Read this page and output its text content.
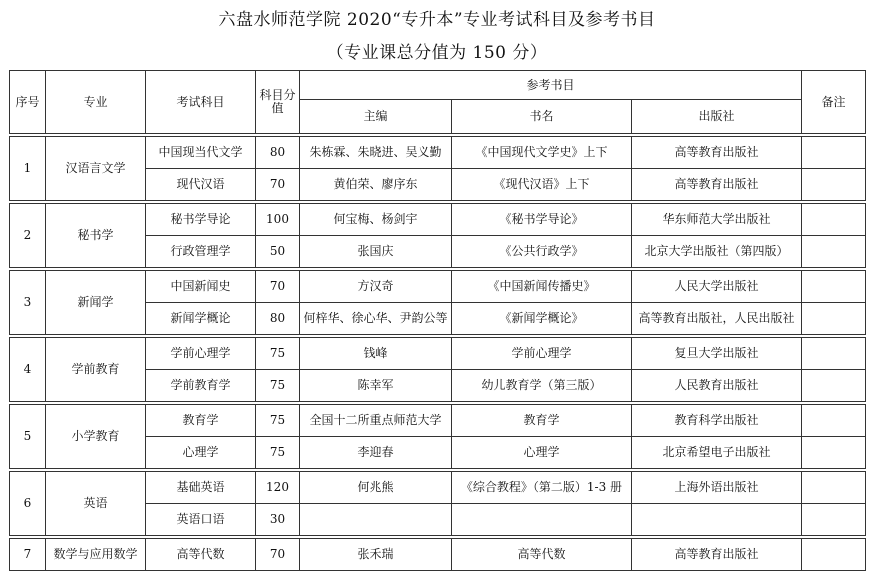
六盘水师范学院 2020“专升本”专业考试科目及参考书目
（专业课总分值为 150 分）
序号	专业	考试科目	科目分值	参考书目			备注
				主编	书名	出版社	

1	汉语言文学	中国现当代文学	80	朱栋霖、朱晓进、吴义勤	《中国现代文学史》上下	高等教育出版社	
		现代汉语	70	黄伯荣、廖序东	《现代汉语》上下	高等教育出版社	

2	秘书学	秘书学导论	100	何宝梅、杨剑宇	《秘书学导论》	华东师范大学出版社	
		行政管理学	50	张国庆	《公共行政学》	北京大学出版社（第四版）	

3	新闻学	中国新闻史	70	方汉奇	《中国新闻传播史》	人民大学出版社	
		新闻学概论	80	何梓华、徐心华、尹韵公等	《新闻学概论》	高等教育出版社，人民出版社	

4	学前教育	学前心理学	75	钱峰	学前心理学	复旦大学出版社	
		学前教育学	75	陈幸军	幼儿教育学（第三版）	人民教育出版社	

5	小学教育	教育学	75	全国十二所重点师范大学	教育学	教育科学出版社	
		心理学	75	李迎春	心理学	北京希望电子出版社	

6	英语	基础英语	120	何兆熊	《综合教程》（第二版）1-3 册	上海外语出版社	
		英语口语	30				

7	数学与应用数学	高等代数	70	张禾瑞	高等代数	高等教育出版社	
